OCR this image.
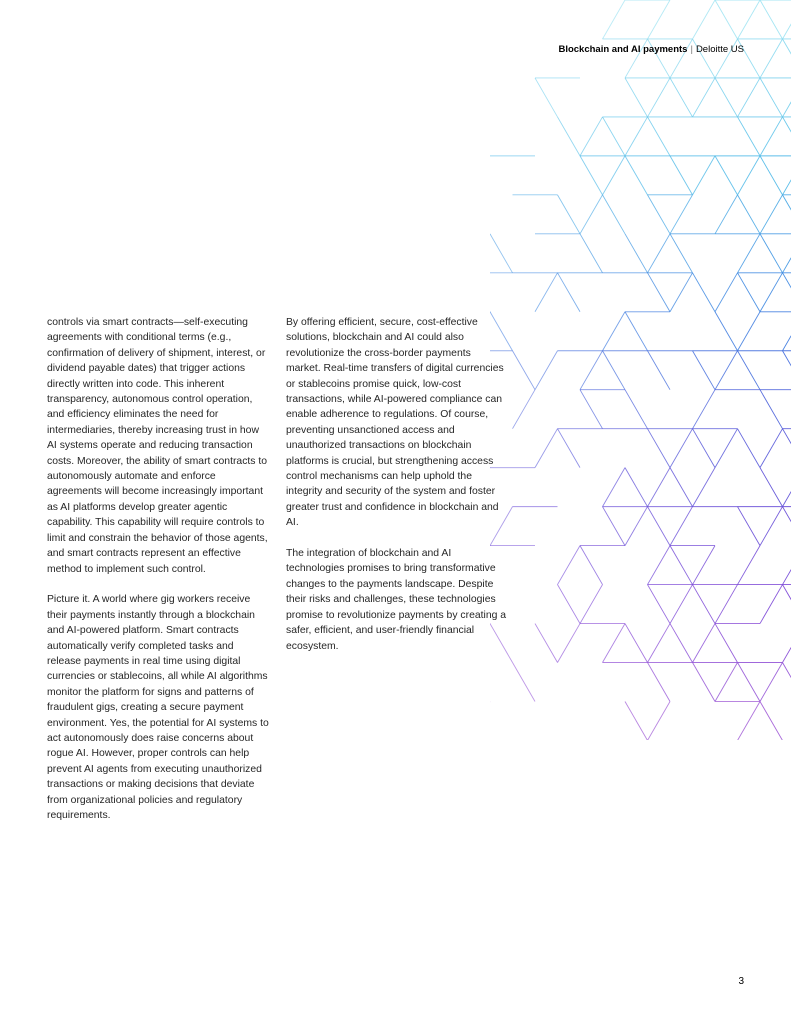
Blockchain and AI payments | Deloitte US

controls via smart contracts—self-executing agreements with conditional terms (e.g., confirmation of delivery of shipment, interest, or dividend payable dates) that trigger actions directly written into code. This inherent transparency, autonomous control operation, and efficiency eliminates the need for intermediaries, thereby increasing trust in how AI systems operate and reducing transaction costs. Moreover, the ability of smart contracts to autonomously automate and enforce agreements will become increasingly important as AI platforms develop greater agentic capability. This capability will require controls to limit and constrain the behavior of those agents, and smart contracts represent an effective method to implement such control.

Picture it. A world where gig workers receive their payments instantly through a blockchain and AI-powered platform. Smart contracts automatically verify completed tasks and release payments in real time using digital currencies or stablecoins, all while AI algorithms monitor the platform for signs and patterns of fraudulent gigs, creating a secure payment environment. Yes, the potential for AI systems to act autonomously does raise concerns about rogue AI. However, proper controls can help prevent AI agents from executing unauthorized transactions or making decisions that deviate from organizational policies and regulatory requirements.

By offering efficient, secure, cost-effective solutions, blockchain and AI could also revolutionize the cross-border payments market. Real-time transfers of digital currencies or stablecoins promise quick, low-cost transactions, while AI-powered compliance can enable adherence to regulations. Of course, preventing unsanctioned access and unauthorized transactions on blockchain platforms is crucial, but strengthening access control mechanisms can help uphold the integrity and security of the system and foster greater trust and confidence in blockchain and AI.

The integration of blockchain and AI technologies promises to bring transformative changes to the payments landscape. Despite their risks and challenges, these technologies promise to revolutionize payments by creating a safer, efficient, and user-friendly financial ecosystem.

3
